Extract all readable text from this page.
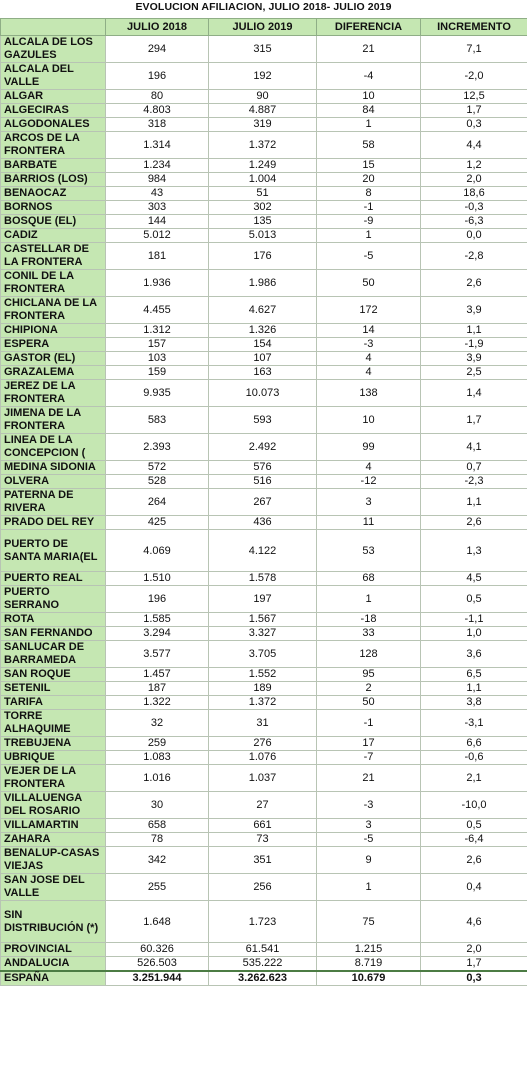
EVOLUCION AFILIACION, JULIO 2018- JULIO 2019
	JULIO 2018	JULIO 2019	DIFERENCIA	INCREMENTO
ALCALA DE LOS GAZULES	294	315	21	7,1
ALCALA DEL VALLE	196	192	-4	-2,0
ALGAR	80	90	10	12,5
ALGECIRAS	4.803	4.887	84	1,7
ALGODONALES	318	319	1	0,3
ARCOS DE LA FRONTERA	1.314	1.372	58	4,4
BARBATE	1.234	1.249	15	1,2
BARRIOS (LOS)	984	1.004	20	2,0
BENAOCAZ	43	51	8	18,6
BORNOS	303	302	-1	-0,3
BOSQUE (EL)	144	135	-9	-6,3
CADIZ	5.012	5.013	1	0,0
CASTELLAR DE LA FRONTERA	181	176	-5	-2,8
CONIL DE LA FRONTERA	1.936	1.986	50	2,6
CHICLANA DE LA FRONTERA	4.455	4.627	172	3,9
CHIPIONA	1.312	1.326	14	1,1
ESPERA	157	154	-3	-1,9
GASTOR (EL)	103	107	4	3,9
GRAZALEMA	159	163	4	2,5
JEREZ DE LA FRONTERA	9.935	10.073	138	1,4
JIMENA DE LA FRONTERA	583	593	10	1,7
LINEA DE LA CONCEPCION (	2.393	2.492	99	4,1
MEDINA SIDONIA	572	576	4	0,7
OLVERA	528	516	-12	-2,3
PATERNA DE RIVERA	264	267	3	1,1
PRADO DEL REY	425	436	11	2,6
PUERTO DE SANTA MARIA(EL	4.069	4.122	53	1,3
PUERTO REAL	1.510	1.578	68	4,5
PUERTO SERRANO	196	197	1	0,5
ROTA	1.585	1.567	-18	-1,1
SAN FERNANDO	3.294	3.327	33	1,0
SANLUCAR DE BARRAMEDA	3.577	3.705	128	3,6
SAN ROQUE	1.457	1.552	95	6,5
SETENIL	187	189	2	1,1
TARIFA	1.322	1.372	50	3,8
TORRE ALHAQUIME	32	31	-1	-3,1
TREBUJENA	259	276	17	6,6
UBRIQUE	1.083	1.076	-7	-0,6
VEJER DE LA FRONTERA	1.016	1.037	21	2,1
VILLALUENGA DEL ROSARIO	30	27	-3	-10,0
VILLAMARTIN	658	661	3	0,5
ZAHARA	78	73	-5	-6,4
BENALUP-CASAS VIEJAS	342	351	9	2,6
SAN JOSE DEL VALLE	255	256	1	0,4
SIN DISTRIBUCIÓN (*)	1.648	1.723	75	4,6
PROVINCIAL	60.326	61.541	1.215	2,0
ANDALUCIA	526.503	535.222	8.719	1,7
ESPAÑA	3.251.944	3.262.623	10.679	0,3
